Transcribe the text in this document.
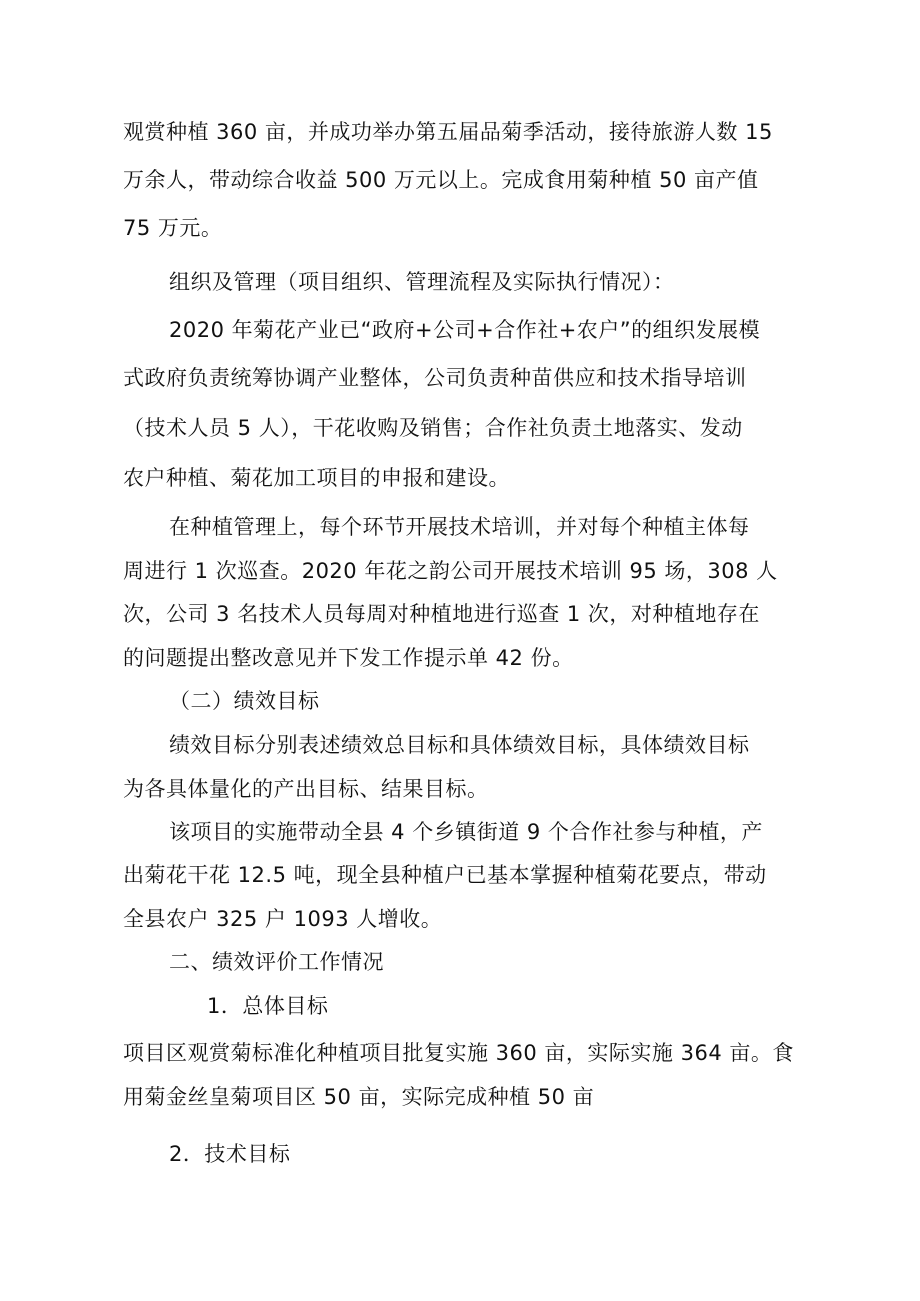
观赏种植 360 亩，并成功举办第五届品菊季活动，接待旅游人数 15
万余人，带动综合收益 500 万元以上。完成食用菊种植 50 亩产值
75 万元。
组织及管理（项目组织、管理流程及实际执行情况）：
2020 年菊花产业已“政府+公司+合作社+农户”的组织发展模
式政府负责统筹协调产业整体，公司负责种苗供应和技术指导培训
（技术人员 5 人），干花收购及销售；合作社负责土地落实、发动
农户种植、菊花加工项目的申报和建设。
在种植管理上，每个环节开展技术培训，并对每个种植主体每
周进行 1 次巡查。2020 年花之韵公司开展技术培训 95 场，308 人
次，公司 3 名技术人员每周对种植地进行巡查 1 次，对种植地存在
的问题提出整改意见并下发工作提示单 42 份。
（二）绩效目标
绩效目标分别表述绩效总目标和具体绩效目标，具体绩效目标
为各具体量化的产出目标、结果目标。
该项目的实施带动全县 4 个乡镇街道 9 个合作社参与种植，产
出菊花干花 12.5 吨，现全县种植户已基本掌握种植菊花要点，带动
全县农户 325 户 1093 人增收。
二、绩效评价工作情况
1．总体目标
项目区观赏菊标准化种植项目批复实施 360 亩，实际实施 364 亩。食
用菊金丝皇菊项目区 50 亩，实际完成种植 50 亩
2．技术目标
